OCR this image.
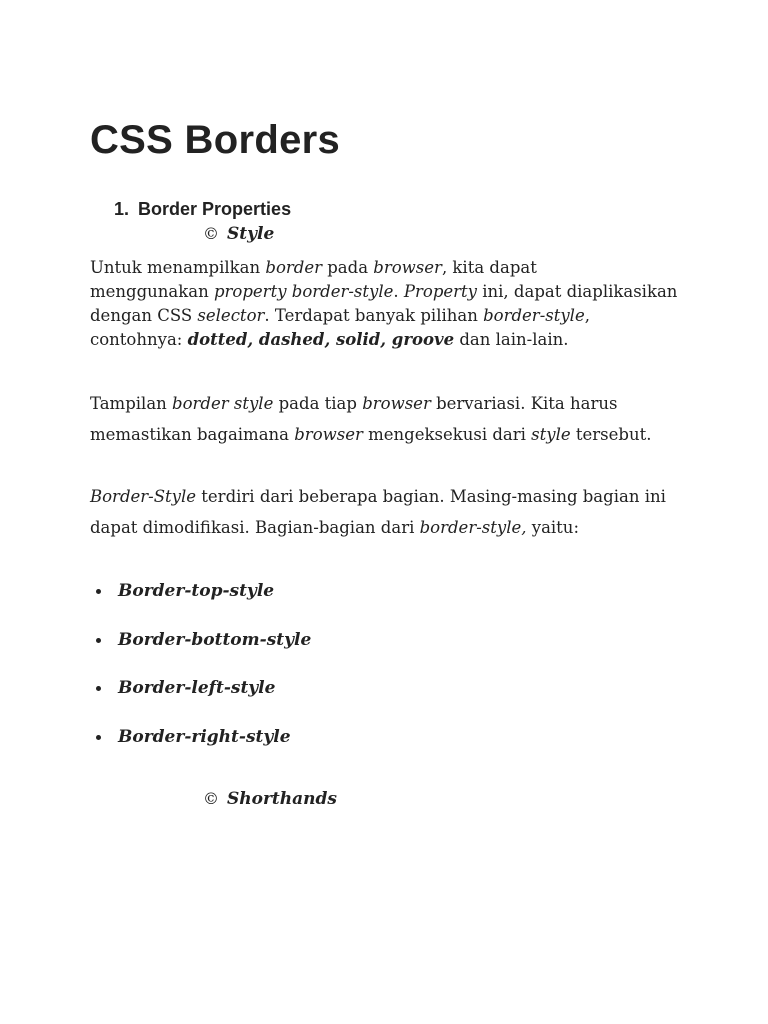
CSS Borders
1. Border Properties
© Style

Untuk menampilkan border pada browser, kita dapat
menggunakan property border-style. Property ini, dapat diaplikasikan
dengan CSS selector. Terdapat banyak pilihan border-style,
contohnya: dotted, dashed, solid, groove dan lain-lain.

Tampilan border style pada tiap browser bervariasi. Kita harus
memastikan bagaimana browser mengeksekusi dari style tersebut.

Border-Style terdiri dari beberapa bagian. Masing-masing bagian ini
dapat dimodifikasi. Bagian-bagian dari border-style, yaitu:

Border-top-style
Border-bottom-style
Border-left-style
Border-right-style
© Shorthands
